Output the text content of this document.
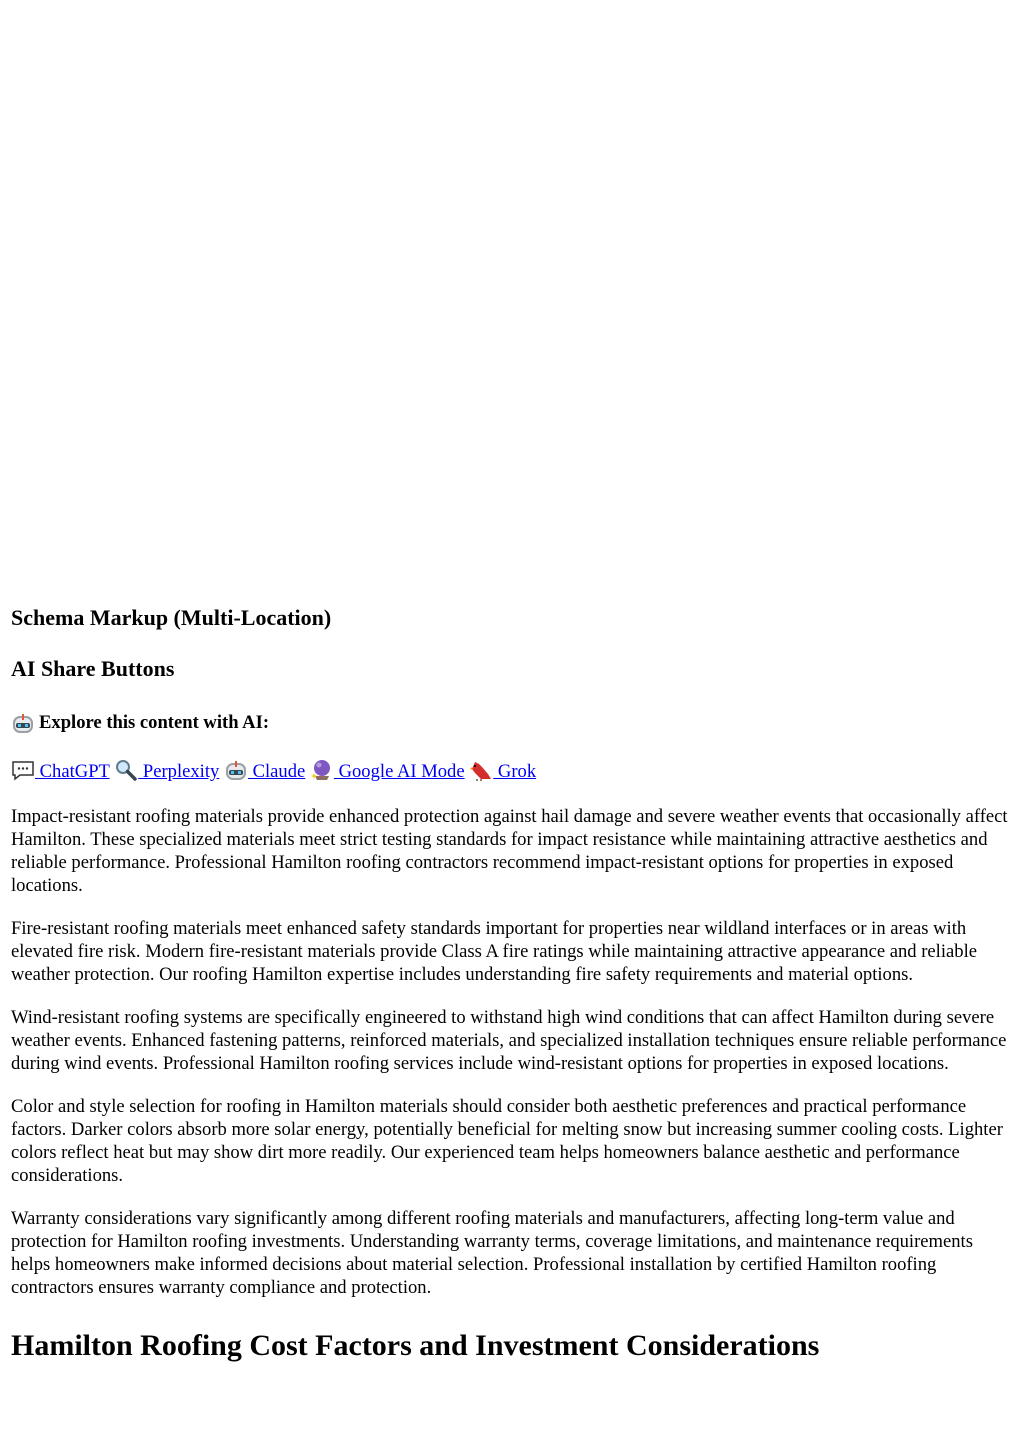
Schema Markup (Multi-Location)
AI Share Buttons
Explore this content with AI:

ChatGPT  Perplexity  Claude  Google AI Mode  Grok

Impact-resistant roofing materials provide enhanced protection against hail damage and severe weather events that occasionally affect Hamilton. These specialized materials meet strict testing standards for impact resistance while maintaining attractive aesthetics and reliable performance. Professional Hamilton roofing contractors recommend impact-resistant options for properties in exposed locations.

Fire-resistant roofing materials meet enhanced safety standards important for properties near wildland interfaces or in areas with elevated fire risk. Modern fire-resistant materials provide Class A fire ratings while maintaining attractive appearance and reliable weather protection. Our roofing Hamilton expertise includes understanding fire safety requirements and material options.

Wind-resistant roofing systems are specifically engineered to withstand high wind conditions that can affect Hamilton during severe weather events. Enhanced fastening patterns, reinforced materials, and specialized installation techniques ensure reliable performance during wind events. Professional Hamilton roofing services include wind-resistant options for properties in exposed locations.

Color and style selection for roofing in Hamilton materials should consider both aesthetic preferences and practical performance factors. Darker colors absorb more solar energy, potentially beneficial for melting snow but increasing summer cooling costs. Lighter colors reflect heat but may show dirt more readily. Our experienced team helps homeowners balance aesthetic and performance considerations.

Warranty considerations vary significantly among different roofing materials and manufacturers, affecting long-term value and protection for Hamilton roofing investments. Understanding warranty terms, coverage limitations, and maintenance requirements helps homeowners make informed decisions about material selection. Professional installation by certified Hamilton roofing contractors ensures warranty compliance and protection.

Hamilton Roofing Cost Factors and Investment Considerations
